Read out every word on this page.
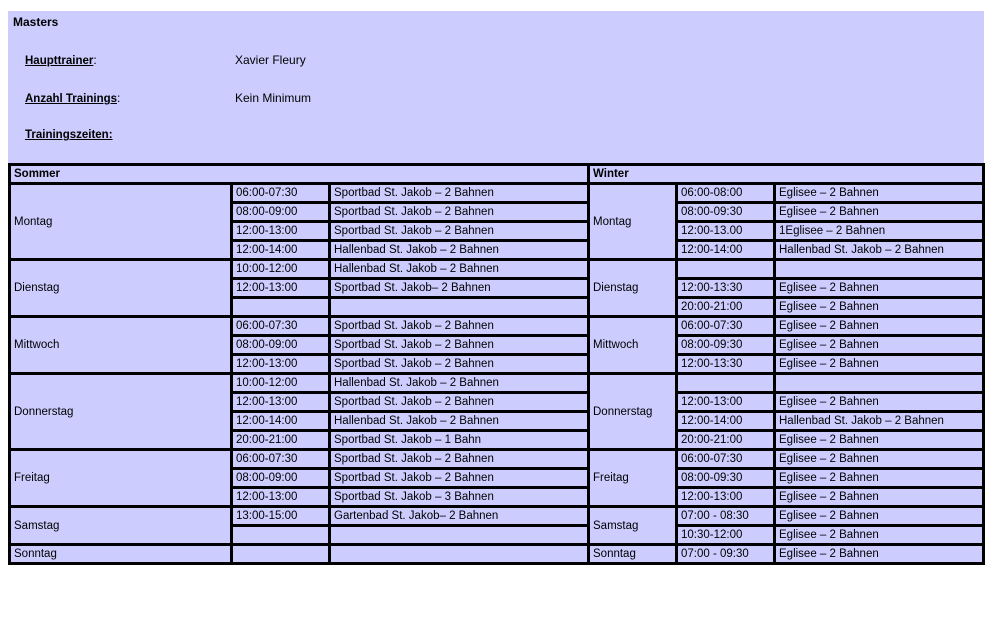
Masters
Haupttrainer:	Xavier Fleury
Anzahl Trainings:	Kein Minimum
Trainingszeiten:
Sommer			Winter		
Montag	06:00-07:30	Sportbad St. Jakob – 2 Bahnen	Montag	06:00-08:00	Eglisee – 2 Bahnen
	08:00-09:00	Sportbad St. Jakob – 2 Bahnen		08:00-09:30	Eglisee – 2 Bahnen
	12:00-13:00	Sportbad St. Jakob – 2 Bahnen		12:00-13.00	1Eglisee – 2 Bahnen
	12:00-14:00	Hallenbad St. Jakob – 2 Bahnen		12:00-14:00	Hallenbad St. Jakob – 2 Bahnen
Dienstag	10:00-12:00	Hallenbad St. Jakob – 2 Bahnen	Dienstag		
	12:00-13:00	Sportbad St. Jakob– 2 Bahnen		12:00-13:30	Eglisee – 2 Bahnen
				20:00-21:00	Eglisee – 2 Bahnen
Mittwoch	06:00-07:30	Sportbad St. Jakob – 2 Bahnen	Mittwoch	06:00-07:30	Eglisee – 2 Bahnen
	08:00-09:00	Sportbad St. Jakob – 2 Bahnen		08:00-09:30	Eglisee – 2 Bahnen
	12:00-13:00	Sportbad St. Jakob – 2 Bahnen		12:00-13:30	Eglisee – 2 Bahnen
Donnerstag	10:00-12:00	Hallenbad St. Jakob – 2 Bahnen	Donnerstag		
	12:00-13:00	Sportbad St. Jakob – 2 Bahnen		12:00-13:00	Eglisee – 2 Bahnen
	12:00-14:00	Hallenbad St. Jakob – 2 Bahnen		12:00-14:00	Hallenbad St. Jakob – 2 Bahnen
	20:00-21:00	Sportbad St. Jakob – 1 Bahn		20:00-21:00	Eglisee – 2 Bahnen
Freitag	06:00-07:30	Sportbad St. Jakob – 2 Bahnen	Freitag	06:00-07:30	Eglisee – 2 Bahnen
	08:00-09:00	Sportbad St. Jakob – 2 Bahnen		08:00-09:30	Eglisee – 2 Bahnen
	12:00-13:00	Sportbad St. Jakob – 3 Bahnen		12:00-13:00	Eglisee – 2 Bahnen
Samstag	13:00-15:00	Gartenbad St. Jakob– 2 Bahnen	Samstag	07:00 - 08:30	Eglisee – 2 Bahnen
				10:30-12:00	Eglisee – 2 Bahnen
Sonntag			Sonntag	07:00 - 09:30	Eglisee – 2 Bahnen
